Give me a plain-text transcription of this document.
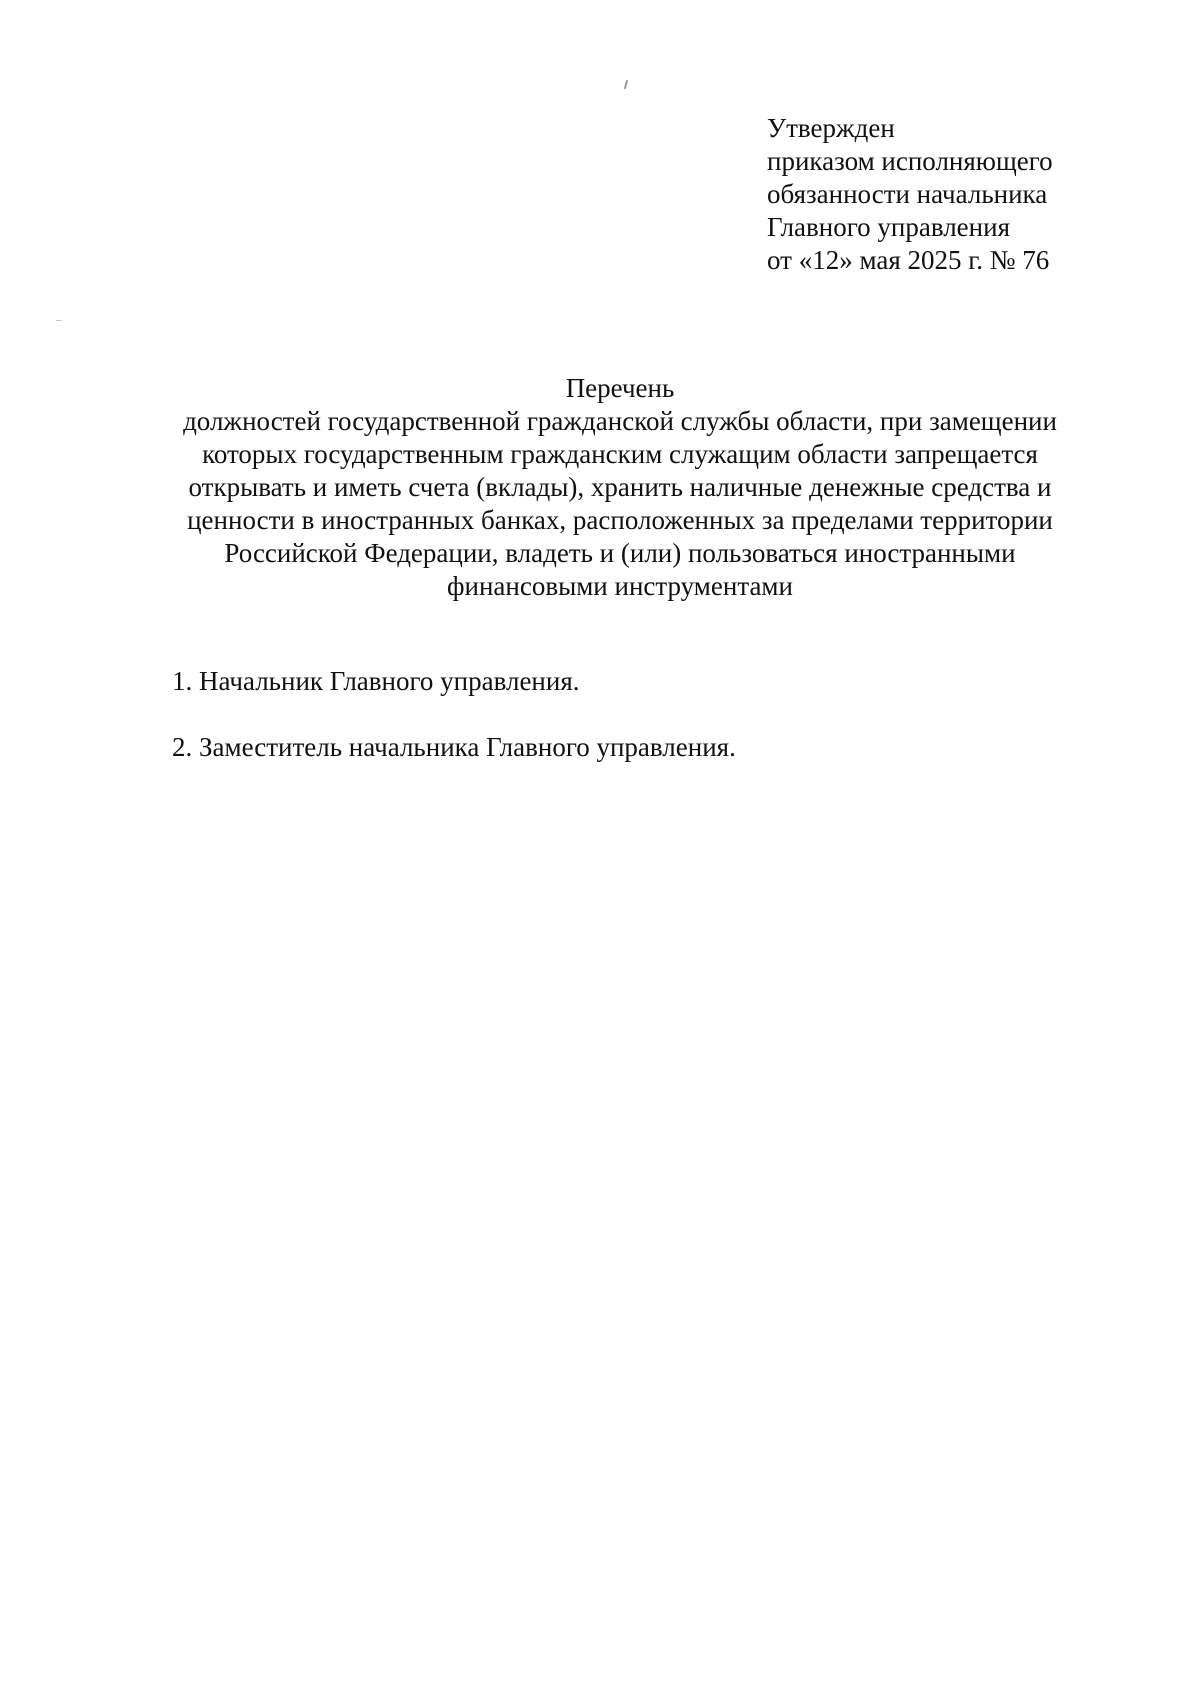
Утвержден
приказом исполняющего
обязанности начальника
Главного управления
от «12» мая 2025 г. № 76
Перечень
должностей государственной гражданской службы области, при замещении
которых государственным гражданским служащим области запрещается
открывать и иметь счета (вклады), хранить наличные денежные средства и
ценности в иностранных банках, расположенных за пределами территории
Российской Федерации, владеть и (или) пользоваться иностранными
финансовыми инструментами
1. Начальник Главного управления.
2. Заместитель начальника Главного управления.
